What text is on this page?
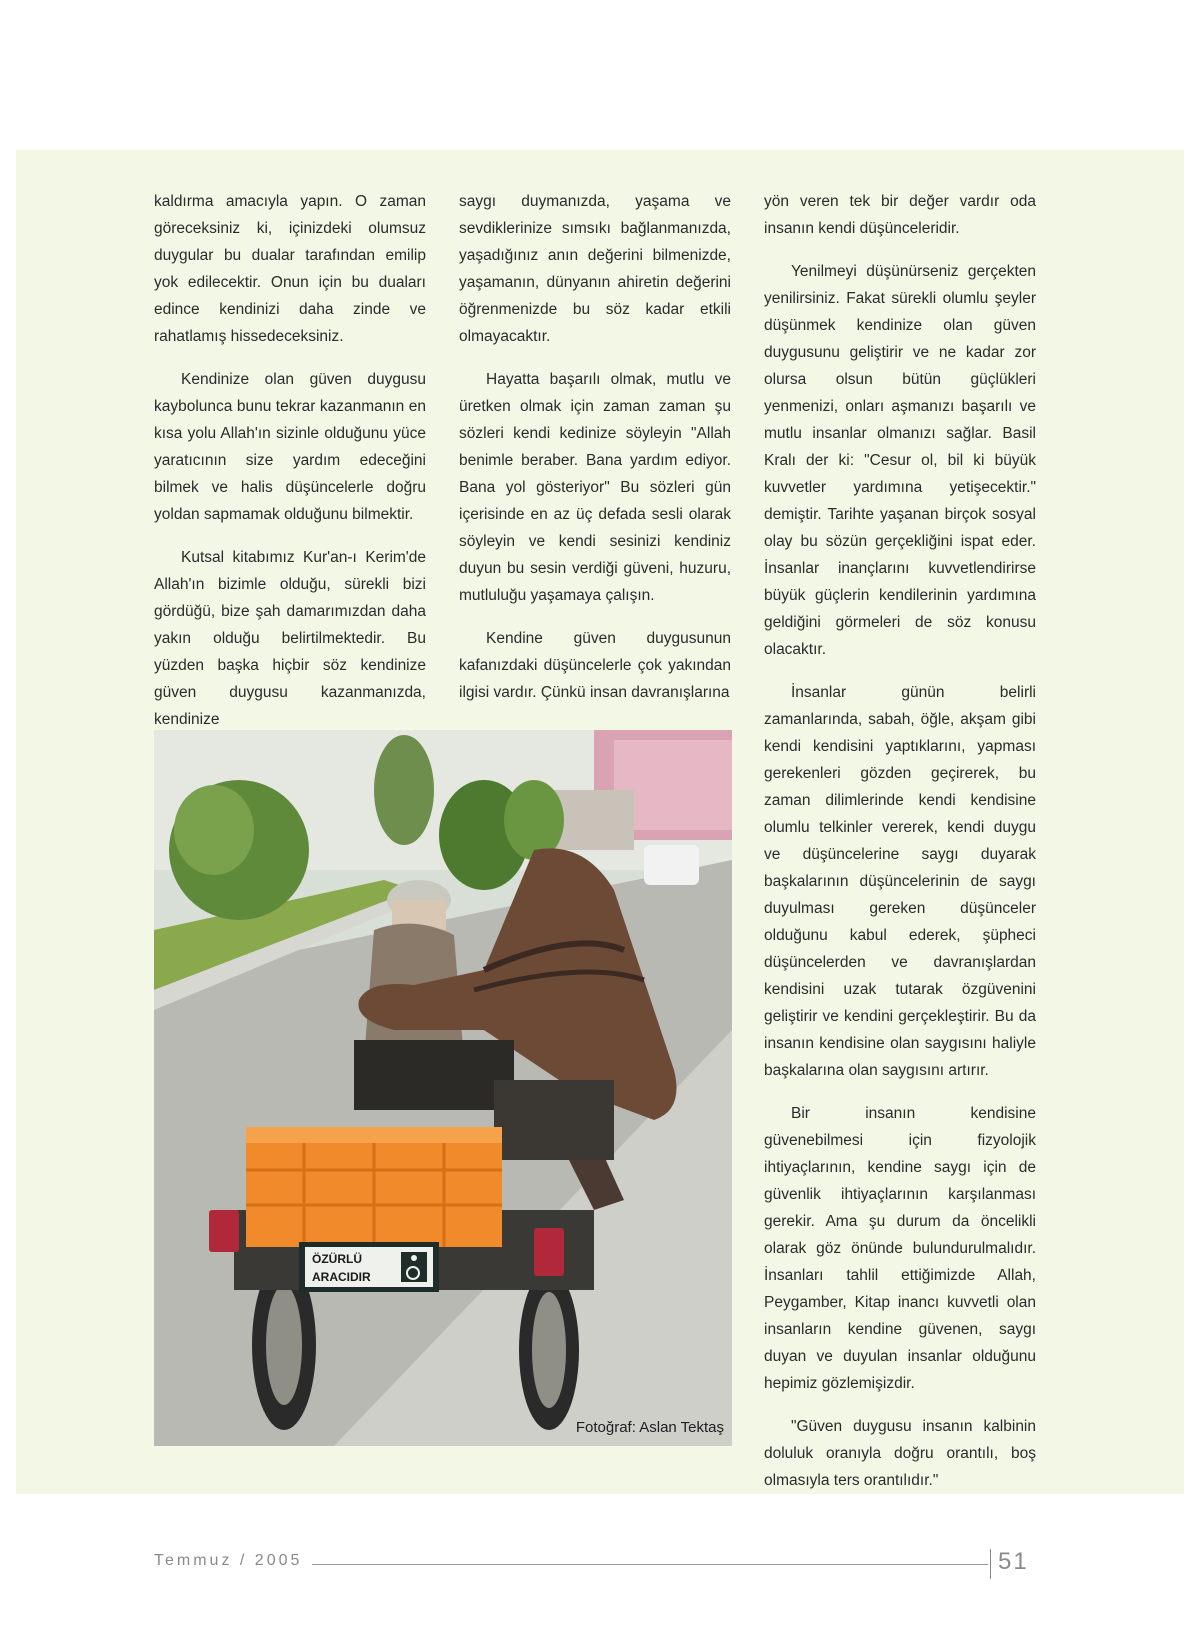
kaldırma amacıyla yapın. O zaman göreceksiniz ki, içinizdeki olumsuz duygular bu dualar tarafından emilip yok edilecektir. Onun için bu duaları edince kendinizi daha zinde ve rahatlamış hissedeceksiniz.

Kendinize olan güven duygusu kaybolunca bunu tekrar kazanmanın en kısa yolu Allah'ın sizinle olduğunu yüce yaratıcının size yardım edeceğini bilmek ve halis düşüncelerle doğru yoldan sapmamak olduğunu bilmektir.

Kutsal kitabımız Kur'an-ı Kerim'de Allah'ın bizimle olduğu, sürekli bizi gördüğü, bize şah damarımızdan daha yakın olduğu belirtilmektedir. Bu yüzden başka hiçbir söz kendinize güven duygusu kazanmanızda, kendinize

saygı duymanızda, yaşama ve sevdiklerinize sımsıkı bağlanmanızda, yaşadığınız anın değerini bilmenizde, yaşamanın, dünyanın ahiretin değerini öğrenmenizde bu söz kadar etkili olmayacaktır.

Hayatta başarılı olmak, mutlu ve üretken olmak için zaman zaman şu sözleri kendi kedinize söyleyin "Allah benimle beraber. Bana yardım ediyor. Bana yol gösteriyor" Bu sözleri gün içerisinde en az üç defada sesli olarak söyleyin ve kendi sesinizi kendiniz duyun bu sesin verdiği güveni, huzuru, mutluluğu yaşamaya çalışın.

Kendine güven duygusunun kafanızdaki düşüncelerle çok yakından ilgisi vardır. Çünkü insan davranışlarına

yön veren tek bir değer vardır oda insanın kendi düşünceleridir.

Yenilmeyi düşünürseniz gerçekten yenilirsiniz. Fakat sürekli olumlu şeyler düşünmek kendinize olan güven duygusunu geliştirir ve ne kadar zor olursa olsun bütün güçlükleri yenmenizi, onları aşmanızı başarılı ve mutlu insanlar olmanızı sağlar. Basil Kralı der ki: "Cesur ol, bil ki büyük kuvvetler yardımına yetişecektir." demiştir. Tarihte yaşanan birçok sosyal olay bu sözün gerçekliğini ispat eder. İnsanlar inançlarını kuvvetlendirirse büyük güçlerin kendilerinin yardımına geldiğini görmeleri de söz konusu olacaktır.

İnsanlar günün belirli zamanlarında, sabah, öğle, akşam gibi kendi kendisini yaptıklarını, yapması gerekenleri gözden geçirerek, bu zaman dilimlerinde kendi kendisine olumlu telkinler vererek, kendi duygu ve düşüncelerine saygı duyarak başkalarının düşüncelerinin de saygı duyulması gereken düşünceler olduğunu kabul ederek, şüpheci düşüncelerden ve davranışlardan kendisini uzak tutarak özgüvenini geliştirir ve kendini gerçekleştirir. Bu da insanın kendisine olan saygısını haliyle başkalarına olan saygısını artırır.

Bir insanın kendisine güvenebilmesi için fizyolojik ihtiyaçlarının, kendine saygı için de güvenlik ihtiyaçlarının karşılanması gerekir. Ama şu durum da öncelikli olarak göz önünde bulundurulmalıdır. İnsanları tahlil ettiğimizde Allah, Peygamber, Kitap inancı kuvvetli olan insanların kendine güvenen, saygı duyan ve duyulan insanlar olduğunu hepimiz gözlemişizdir.

"Güven duygusu insanın kalbinin doluluk oranıyla doğru orantılı, boş olmasıyla ters orantılıdır."

ÖZÜRLÜ
ARACIDIR
Fotoğraf: Aslan Tektaş
Temmuz / 2005	51
